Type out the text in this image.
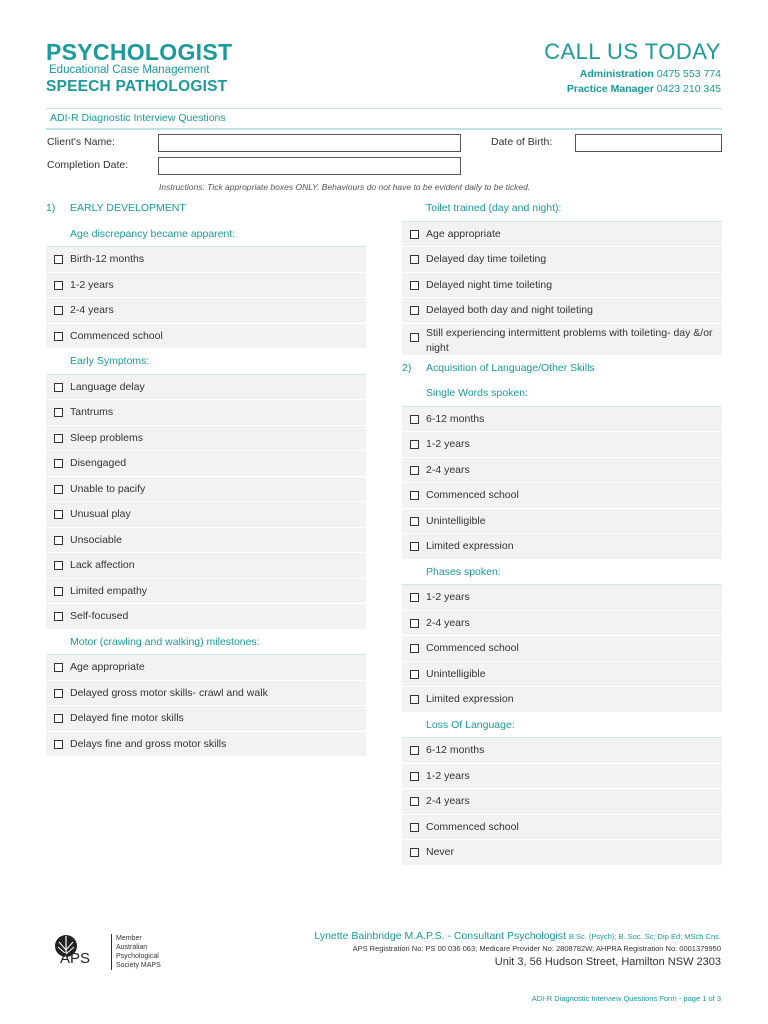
PSYCHOLOGIST
Educational Case Management
SPEECH PATHOLOGIST
CALL US TODAY
Administration 0475 553 774
Practice Manager 0423 210 345
ADI-R Diagnostic Interview Questions
Client's Name:	Date of Birth:
Completion Date:
Instructions: Tick appropriate boxes ONLY. Behaviours do not have to be evident daily to be ticked.
1) EARLY DEVELOPMENT
Age discrepancy became apparent:
Birth-12 months
1-2 years
2-4 years
Commenced school
Early Symptoms:
Language delay
Tantrums
Sleep problems
Disengaged
Unable to pacify
Unusual play
Unsociable
Lack affection
Limited empathy
Self-focused
Motor (crawling and walking) milestones:
Age appropriate
Delayed gross motor skills- crawl and walk
Delayed fine motor skills
Delays fine and gross motor skills
Toilet trained (day and night):
Age appropriate
Delayed day time toileting
Delayed night time toileting
Delayed both day and night toileting
Still experiencing intermittent problems with toileting- day &/or night
2) Acquisition of Language/Other Skills
Single Words spoken:
6-12 months
1-2 years
2-4 years
Commenced school
Unintelligible
Limited expression
Phases spoken:
1-2 years
2-4 years
Commenced school
Unintelligible
Limited expression
Loss Of Language:
6-12 months
1-2 years
2-4 years
Commenced school
Never
APS
Member
Australian
Psychological
Society MAPS
Lynette Bainbridge M.A.P.S. - Consultant Psychologist B.Sc. (Psych); B. Soc. Sc; Dip Ed; MSch Cns.
APS Registration No: PS 00 036 063; Medicare Provider No: 2808782W; AHPRA Registration No: 0001379950
Unit 3, 56 Hudson Street, Hamilton NSW 2303
ADI-R Diagnostic Interview Questions Form - page 1 of 3
